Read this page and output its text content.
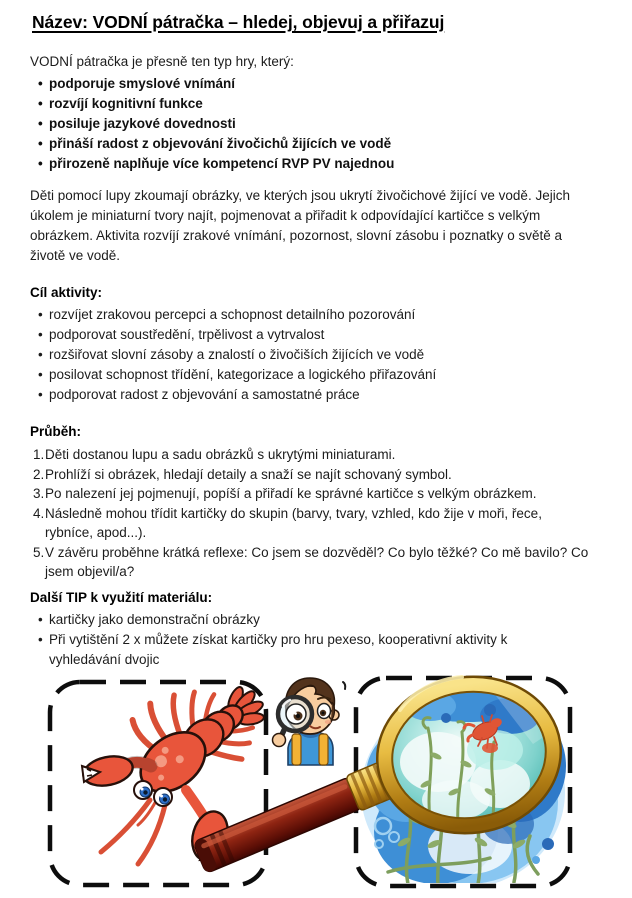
Název: VODNÍ pátračka – hledej, objevuj a přiřazuj

VODNÍ pátračka je přesně ten typ hry, který:

• podporuje smyslové vnímání
• rozvíjí kognitivní funkce
• posiluje jazykové dovednosti
• přináší radost z objevování živočichů žijících ve vodě
• přirozeně naplňuje více kompetencí RVP PV najednou

Děti pomocí lupy zkoumají obrázky, ve kterých jsou ukrytí živočichové žijící ve vodě. Jejich úkolem je miniaturní tvory najít, pojmenovat a přiřadit k odpovídající kartičce s velkým obrázkem. Aktivita rozvíjí zrakové vnímání, pozornost, slovní zásobu i poznatky o světě a životě ve vodě.

Cíl aktivity:
• rozvíjet zrakovou percepci a schopnost detailního pozorování
• podporovat soustředění, trpělivost a vytrvalost
• rozšiřovat slovní zásoby a znalostí o živočiších žijících ve vodě
• posilovat schopnost třídění, kategorizace a logického přiřazování
• podporovat radost z objevování a samostatné práce
Průběh:
Děti dostanou lupu a sadu obrázků s ukrytými miniaturami.
Prohlíží si obrázek, hledají detaily a snaží se najít schovaný symbol.
Po nalezení jej pojmenují, popíší a přiřadí ke správné kartičce s velkým obrázkem.
Následně mohou třídit kartičky do skupin (barvy, tvary, vzhled, kdo žije v moři, řece, rybníce, apod...).
V závěru proběhne krátká reflexe: Co jsem se dozvěděl? Co bylo těžké? Co mě bavilo? Co jsem objevil/a?
Další TIP k využití materiálu:
• kartičky jako demonstrační obrázky
• Při vytištění 2 x můžete získat kartičky pro hru pexeso, kooperativní aktivity k vyhledávání dvojic
